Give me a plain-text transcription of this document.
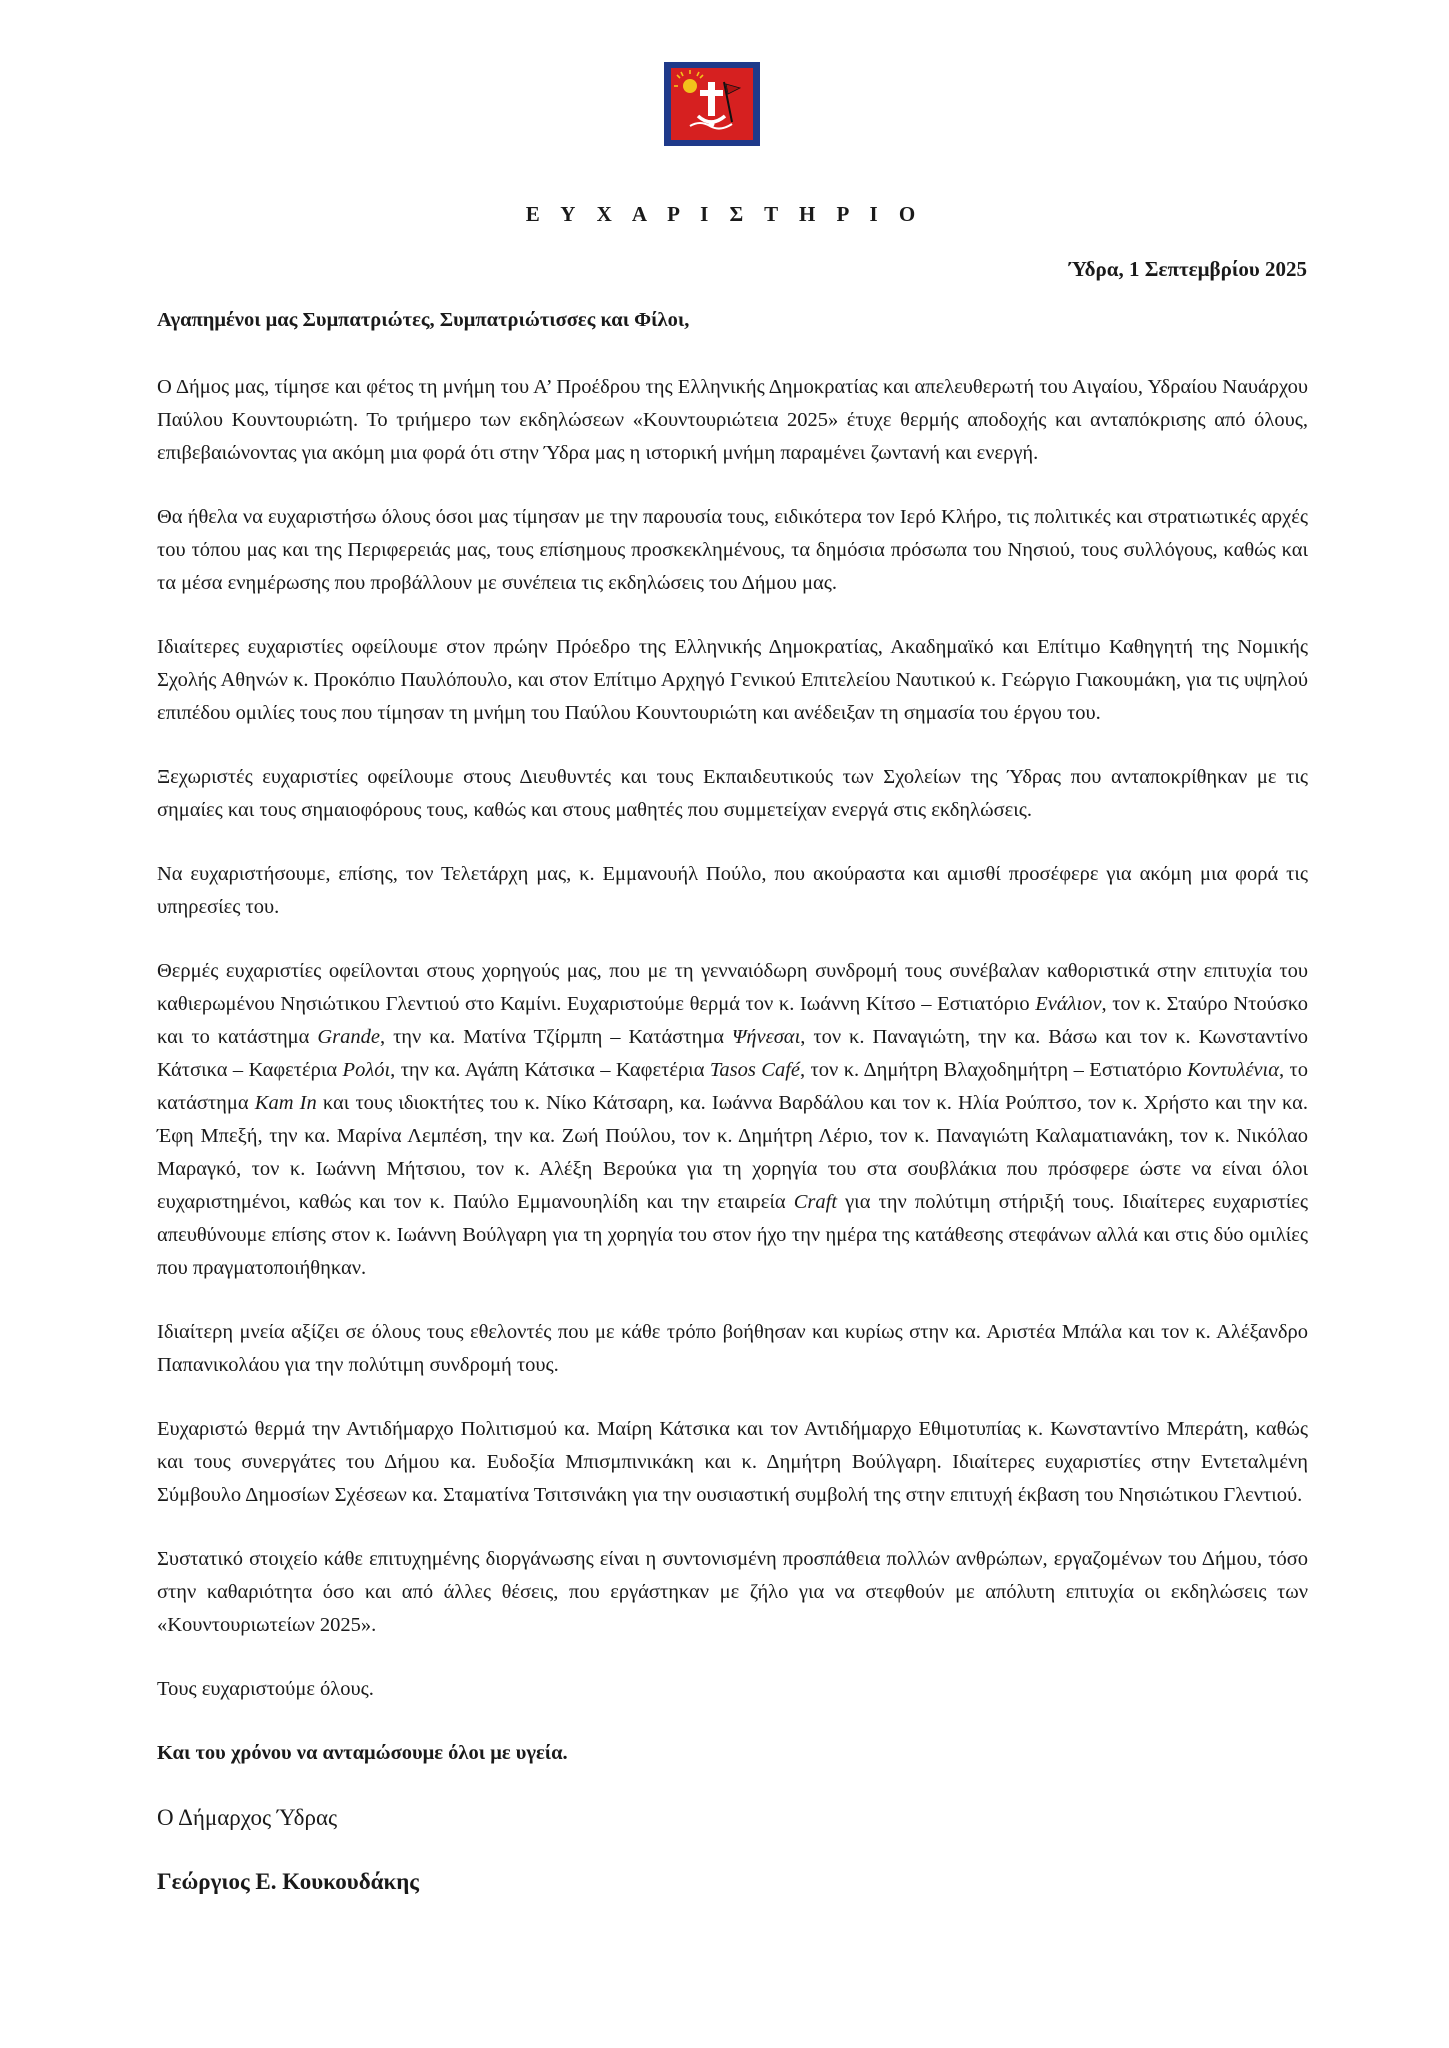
Ε Υ Χ Α Ρ Ι Σ Τ Η Ρ Ι Ο
Ύδρα, 1 Σεπτεμβρίου 2025

Αγαπημένοι μας Συμπατριώτες, Συμπατριώτισσες και Φίλοι,

Ο Δήμος μας, τίμησε και φέτος τη μνήμη του Α’ Προέδρου της Ελληνικής Δημοκρατίας και απελευθερωτή του Αιγαίου, Υδραίου Ναυάρχου Παύλου Κουντουριώτη. Το τριήμερο των εκδηλώσεων «Κουντουριώτεια 2025» έτυχε θερμής αποδοχής και ανταπόκρισης από όλους, επιβεβαιώνοντας για ακόμη μια φορά ότι στην Ύδρα μας η ιστορική μνήμη παραμένει ζωντανή και ενεργή.

Θα ήθελα να ευχαριστήσω όλους όσοι μας τίμησαν με την παρουσία τους, ειδικότερα τον Ιερό Κλήρο, τις πολιτικές και στρατιωτικές αρχές του τόπου μας και της Περιφερειάς μας, τους επίσημους προσκεκλημένους, τα δημόσια πρόσωπα του Νησιού, τους συλλόγους, καθώς και τα μέσα ενημέρωσης που προβάλλουν με συνέπεια τις εκδηλώσεις του Δήμου μας.

Ιδιαίτερες ευχαριστίες οφείλουμε στον πρώην Πρόεδρο της Ελληνικής Δημοκρατίας, Ακαδημαϊκό και Επίτιμο Καθηγητή της Νομικής Σχολής Αθηνών κ. Προκόπιο Παυλόπουλο, και στον Επίτιμο Αρχηγό Γενικού Επιτελείου Ναυτικού κ. Γεώργιο Γιακουμάκη, για τις υψηλού επιπέδου ομιλίες τους που τίμησαν τη μνήμη του Παύλου Κουντουριώτη και ανέδειξαν τη σημασία του έργου του.

Ξεχωριστές ευχαριστίες οφείλουμε στους Διευθυντές και τους Εκπαιδευτικούς των Σχολείων της Ύδρας που ανταποκρίθηκαν με τις σημαίες και τους σημαιοφόρους τους, καθώς και στους μαθητές που συμμετείχαν ενεργά στις εκδηλώσεις.

Να ευχαριστήσουμε, επίσης, τον Τελετάρχη μας, κ. Εμμανουήλ Πούλο, που ακούραστα και αμισθί προσέφερε για ακόμη μια φορά τις υπηρεσίες του.

Θερμές ευχαριστίες οφείλονται στους χορηγούς μας, που με τη γενναιόδωρη συνδρομή τους συνέβαλαν καθοριστικά στην επιτυχία του καθιερωμένου Νησιώτικου Γλεντιού στο Καμίνι. Ευχαριστούμε θερμά τον κ. Ιωάννη Κίτσο – Εστιατόριο Ενάλιον, τον κ. Σταύρο Ντούσκο και το κατάστημα Grande, την κα. Ματίνα Τζίρμπη – Κατάστημα Ψήνεσαι, τον κ. Παναγιώτη, την κα. Βάσω και τον κ. Κωνσταντίνο Κάτσικα – Καφετέρια Ρολόι, την κα. Αγάπη Κάτσικα – Καφετέρια Tasos Café, τον κ. Δημήτρη Βλαχοδημήτρη – Εστιατόριο Κοντυλένια, το κατάστημα Kam In και τους ιδιοκτήτες του κ. Νίκο Κάτσαρη, κα. Ιωάννα Βαρδάλου και τον κ. Ηλία Ρούπτσο, τον κ. Χρήστο και την κα. Έφη Μπεξή, την κα. Μαρίνα Λεμπέση, την κα. Ζωή Πούλου, τον κ. Δημήτρη Λέριο, τον κ. Παναγιώτη Καλαματιανάκη, τον κ. Νικόλαο Μαραγκό, τον κ. Ιωάννη Μήτσιου, τον κ. Αλέξη Βερούκα για τη χορηγία του στα σουβλάκια που πρόσφερε ώστε να είναι όλοι ευχαριστημένοι, καθώς και τον κ. Παύλο Εμμανουηλίδη και την εταιρεία Craft για την πολύτιμη στήριξή τους. Ιδιαίτερες ευχαριστίες απευθύνουμε επίσης στον κ. Ιωάννη Βούλγαρη για τη χορηγία του στον ήχο την ημέρα της κατάθεσης στεφάνων αλλά και στις δύο ομιλίες που πραγματοποιήθηκαν.

Ιδιαίτερη μνεία αξίζει σε όλους τους εθελοντές που με κάθε τρόπο βοήθησαν και κυρίως στην κα. Αριστέα Μπάλα και τον κ. Αλέξανδρο Παπανικολάου για την πολύτιμη συνδρομή τους.

Ευχαριστώ θερμά την Αντιδήμαρχο Πολιτισμού κα. Μαίρη Κάτσικα και τον Αντιδήμαρχο Εθιμοτυπίας κ. Κωνσταντίνο Μπεράτη, καθώς και τους συνεργάτες του Δήμου κα. Ευδοξία Μπισμπινικάκη και κ. Δημήτρη Βούλγαρη. Ιδιαίτερες ευχαριστίες στην Εντεταλμένη Σύμβουλο Δημοσίων Σχέσεων κα. Σταματίνα Τσιτσινάκη για την ουσιαστική συμβολή της στην επιτυχή έκβαση του Νησιώτικου Γλεντιού.

Συστατικό στοιχείο κάθε επιτυχημένης διοργάνωσης είναι η συντονισμένη προσπάθεια πολλών ανθρώπων, εργαζομένων του Δήμου, τόσο στην καθαριότητα όσο και από άλλες θέσεις, που εργάστηκαν με ζήλο για να στεφθούν με απόλυτη επιτυχία οι εκδηλώσεις των «Κουντουριωτείων 2025».

Τους ευχαριστούμε όλους.

Και του χρόνου να ανταμώσουμε όλοι με υγεία.

Ο Δήμαρχος Ύδρας

Γεώργιος Ε. Κουκουδάκης
